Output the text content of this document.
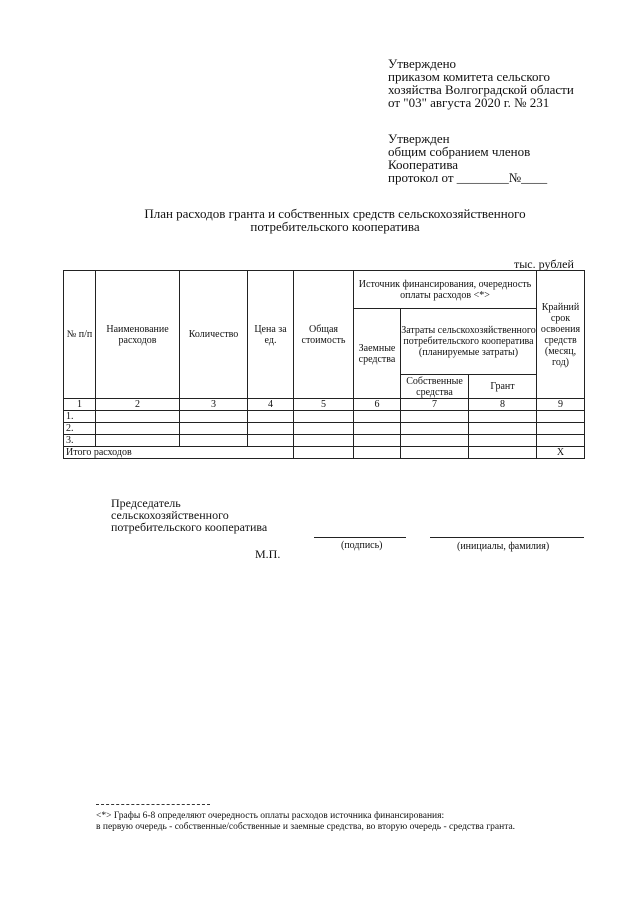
Утверждено
приказом комитета сельского
хозяйства Волгоградской области
от "03" августа 2020 г. № 231
Утвержден
общим собранием членов
Кооператива
протокол от ________№____
План расходов гранта и собственных средств сельскохозяйственного
потребительского кооператива
тыс. рублей
№ п/п	Наименование расходов	Количество	Цена за ед.	Общая стоимость	Источник финансирования, очередность оплаты расходов <*>			Крайний срок освоения средств (месяц, год)
					Заемные средства	Затраты сельскохозяйственного потребительского кооператива (планируемые затраты)		
						Собственные средства	Грант	
1	2	3	4	5	6	7	8	9
1.								
2.								
3.								
Итого расходов								Х
Председатель
сельскохозяйственного
потребительского кооператива
(подпись)	(инициалы, фамилия)
М.П.
<*> Графы 6-8 определяют очередность оплаты расходов источника финансирования:
в первую очередь - собственные/собственные и заемные средства, во вторую очередь - средства гранта.
